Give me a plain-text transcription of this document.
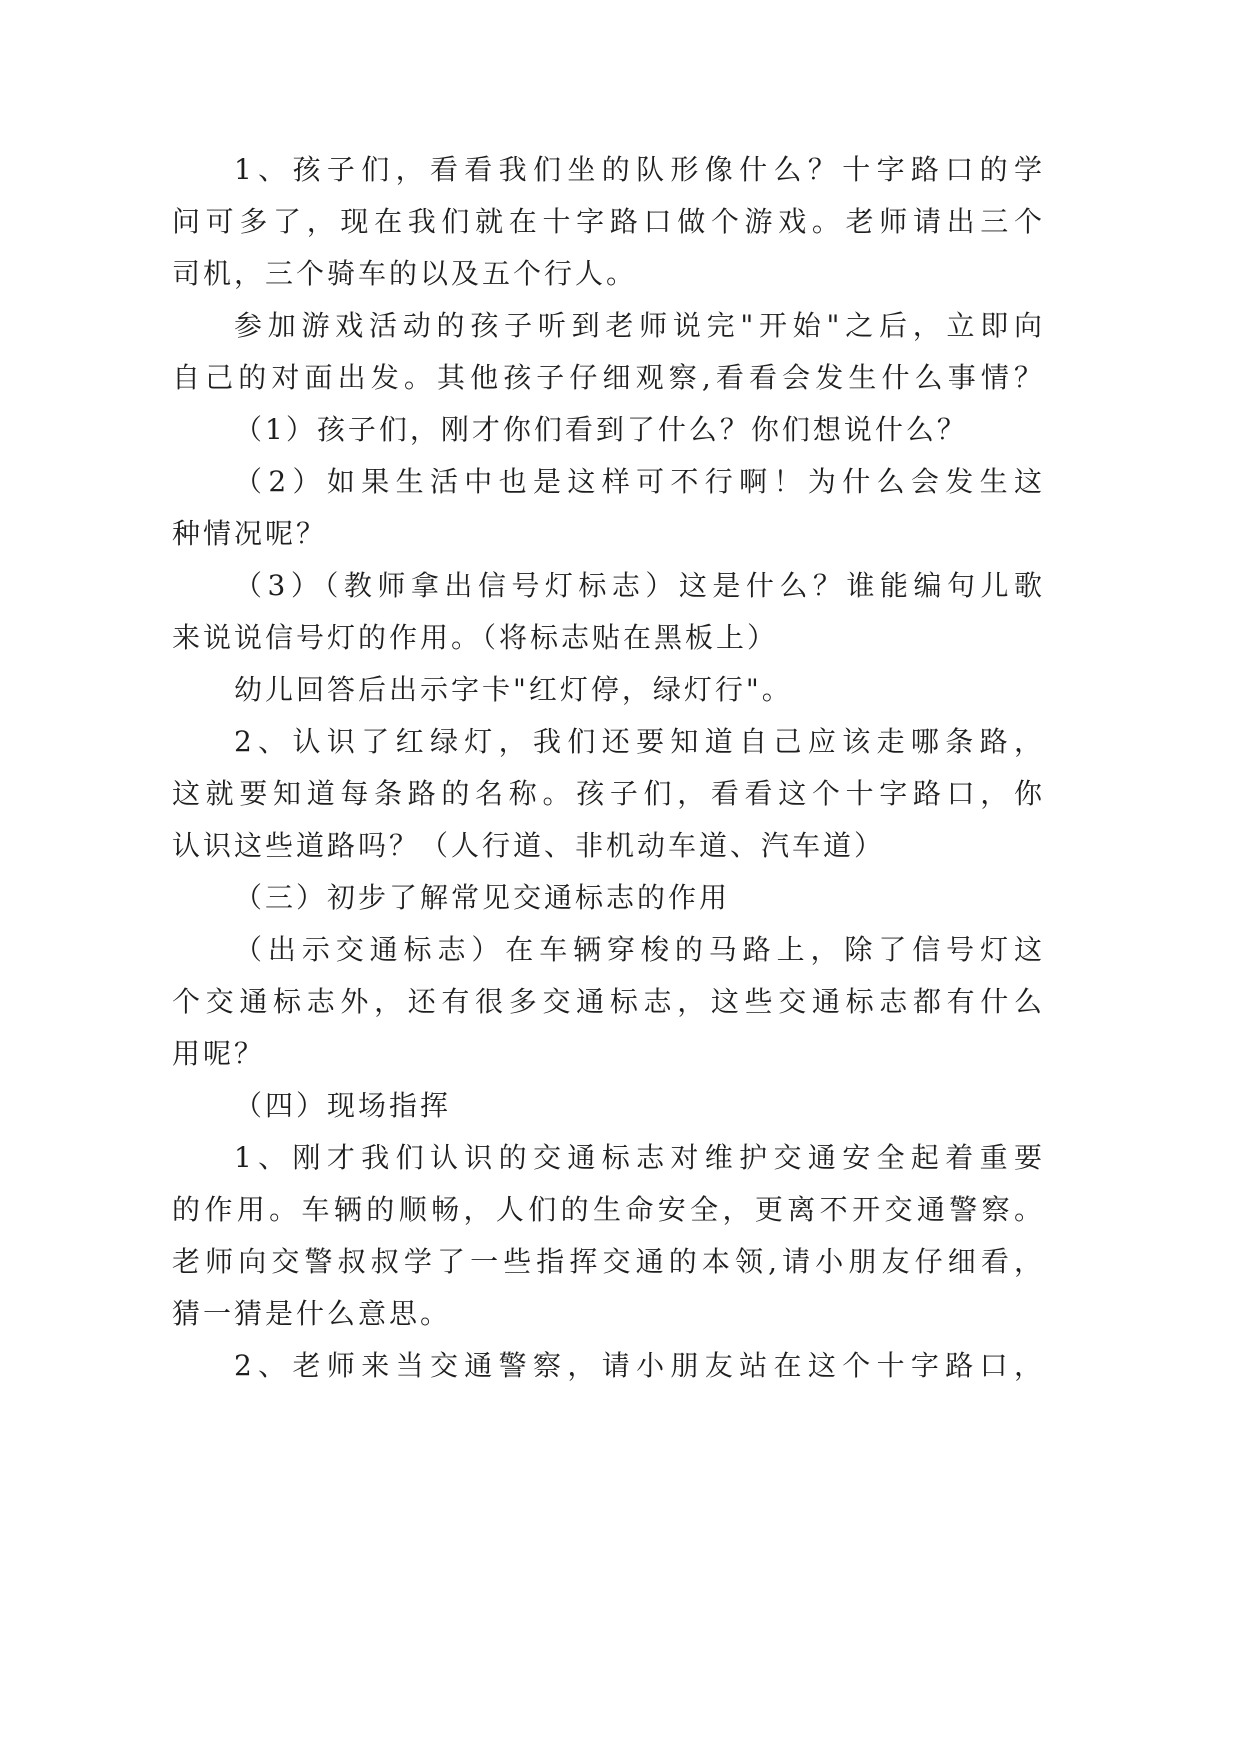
1、孩子们，看看我们坐的队形像什么？十字路口的学
问可多了，现在我们就在十字路口做个游戏。老师请出三个
司机，三个骑车的以及五个行人。
参加游戏活动的孩子听到老师说完"开始"之后，立即向
自己的对面出发。其他孩子仔细观察,看看会发生什么事情？
（1）孩子们，刚才你们看到了什么？你们想说什么？
（2）如果生活中也是这样可不行啊！为什么会发生这
种情况呢？
（3）（教师拿出信号灯标志）这是什么？谁能编句儿歌
来说说信号灯的作用。（将标志贴在黑板上）
幼儿回答后出示字卡"红灯停，绿灯行"。
2、认识了红绿灯，我们还要知道自己应该走哪条路，
这就要知道每条路的名称。孩子们，看看这个十字路口，你
认识这些道路吗？（人行道、非机动车道、汽车道）
（三）初步了解常见交通标志的作用
（出示交通标志）在车辆穿梭的马路上，除了信号灯这
个交通标志外，还有很多交通标志，这些交通标志都有什么
用呢？
（四）现场指挥
1、刚才我们认识的交通标志对维护交通安全起着重要
的作用。车辆的顺畅，人们的生命安全，更离不开交通警察。
老师向交警叔叔学了一些指挥交通的本领,请小朋友仔细看，
猜一猜是什么意思。
2、老师来当交通警察，请小朋友站在这个十字路口，
